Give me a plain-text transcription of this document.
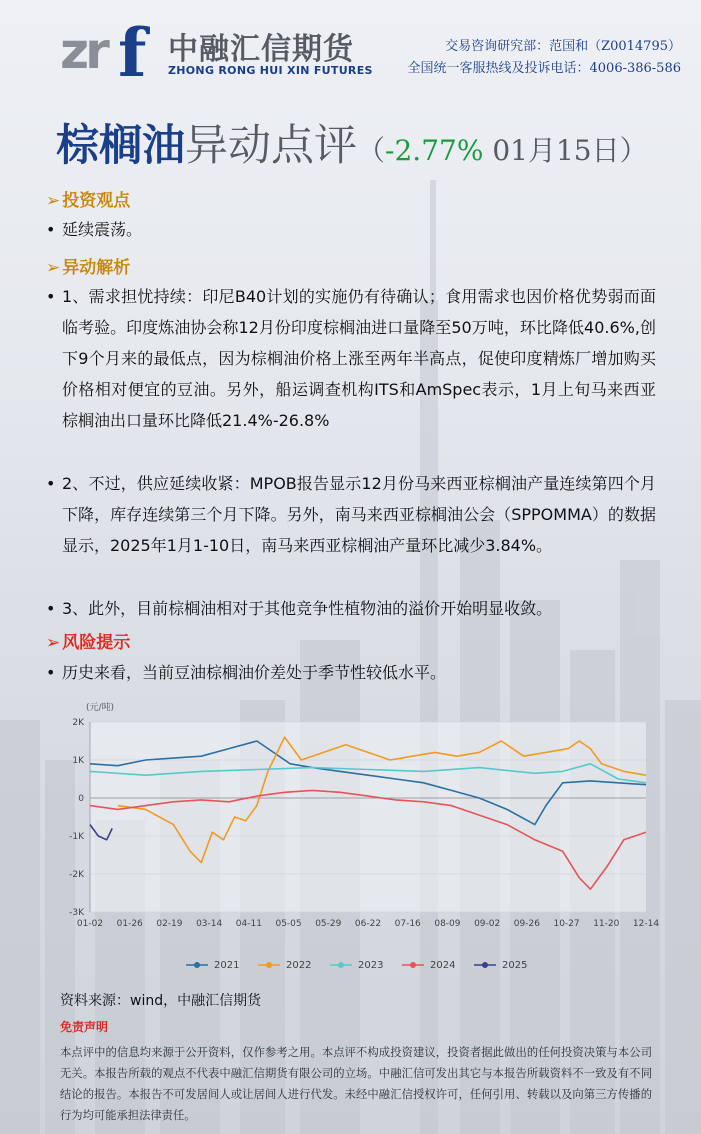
zr f 中融汇信期货
ZHONG RONG HUI XIN FUTURES
交易咨询研究部：范国和（Z0014795）
全国统一客服热线及投诉电话：4006-386-586
棕榈油异动点评（-2.77% 01月15日）
➢ 投资观点
• 延续震荡。
➢ 异动解析
• 1、需求担忧持续：印尼B40计划的实施仍有待确认；食用需求也因价格优势弱而面临考验。印度炼油协会称12月份印度棕榈油进口量降至50万吨，环比降低40.6%,创下9个月来的最低点，因为棕榈油价格上涨至两年半高点，促使印度精炼厂增加购买价格相对便宜的豆油。另外，船运调查机构ITS和AmSpec表示，1月上旬马来西亚棕榈油出口量环比降低21.4%-26.8%
• 2、不过，供应延续收紧：MPOB报告显示12月份马来西亚棕榈油产量连续第四个月下降，库存连续第三个月下降。另外，南马来西亚棕榈油公会（SPPOMMA）的数据显示，2025年1月1-10日，南马来西亚棕榈油产量环比减少3.84%。
• 3、此外，目前棕榈油相对于其他竞争性植物油的溢价开始明显收敛。
➢ 风险提示
• 历史来看，当前豆油棕榈油价差处于季节性较低水平。
(元/吨)
2K
1K
0
-1K
-2K
-3K
01-02 01-26 02-19 03-14 04-11 05-05 05-29 06-22 07-16 08-09 09-02 09-26 10-27 11-20 12-14
2021	2022	2023	2024	2025
资料来源：wind，中融汇信期货
免责声明
本点评中的信息均来源于公开资料，仅作参考之用。本点评不构成投资建议，投资者据此做出的任何投资决策与本公司无关。本报告所载的观点不代表中融汇信期货有限公司的立场。中融汇信可发出其它与本报告所载资料不一致及有不同结论的报告。本报告不可发居间人或让居间人进行代发。未经中融汇信授权许可，任何引用、转载以及向第三方传播的行为均可能承担法律责任。
